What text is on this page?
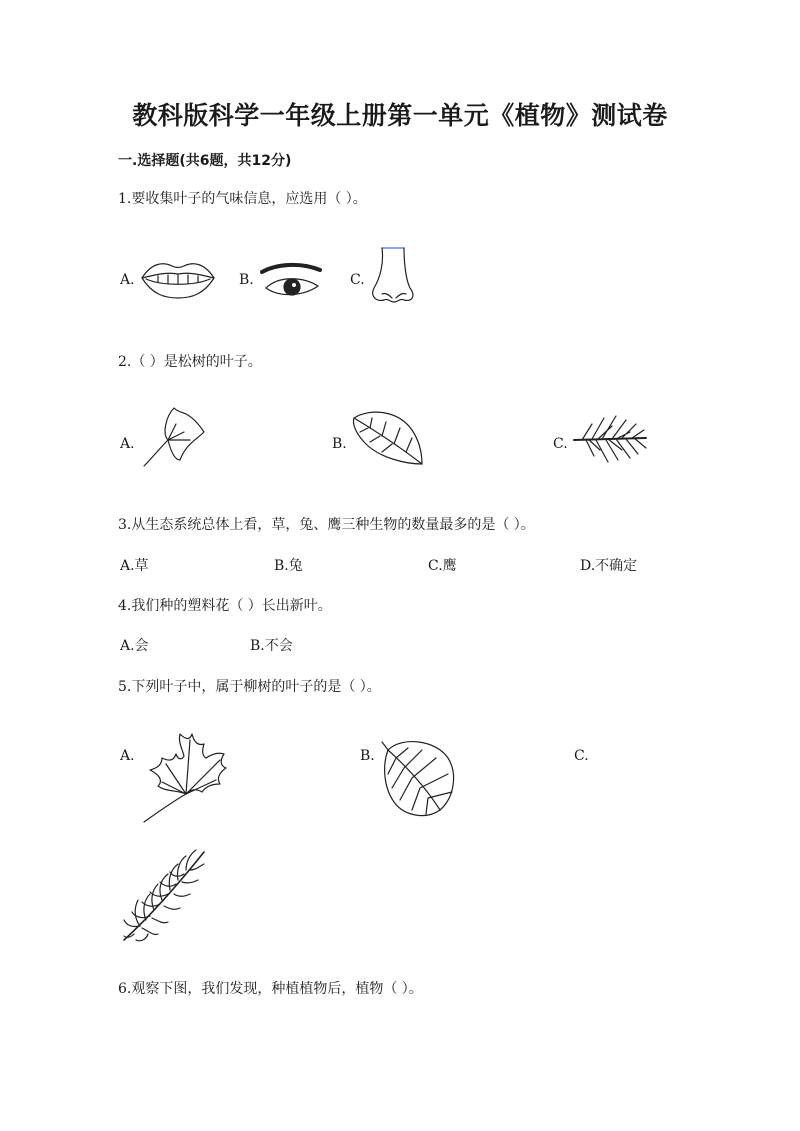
教科版科学一年级上册第一单元《植物》测试卷
一.选择题(共6题，共12分)
1.要收集叶子的气味信息，应选用（ ）。
A.	B.	C.
2.（ ）是松树的叶子。
A.	B.	C.
3.从生态系统总体上看，草，兔、鹰三种生物的数量最多的是（ ）。
A.草	B.兔	C.鹰	D.不确定
4.我们种的塑料花（ ）长出新叶。
A.会	B.不会
5.下列叶子中，属于柳树的叶子的是（ ）。
A.	B.	C.
6.观察下图，我们发现，种植植物后，植物（ ）。
